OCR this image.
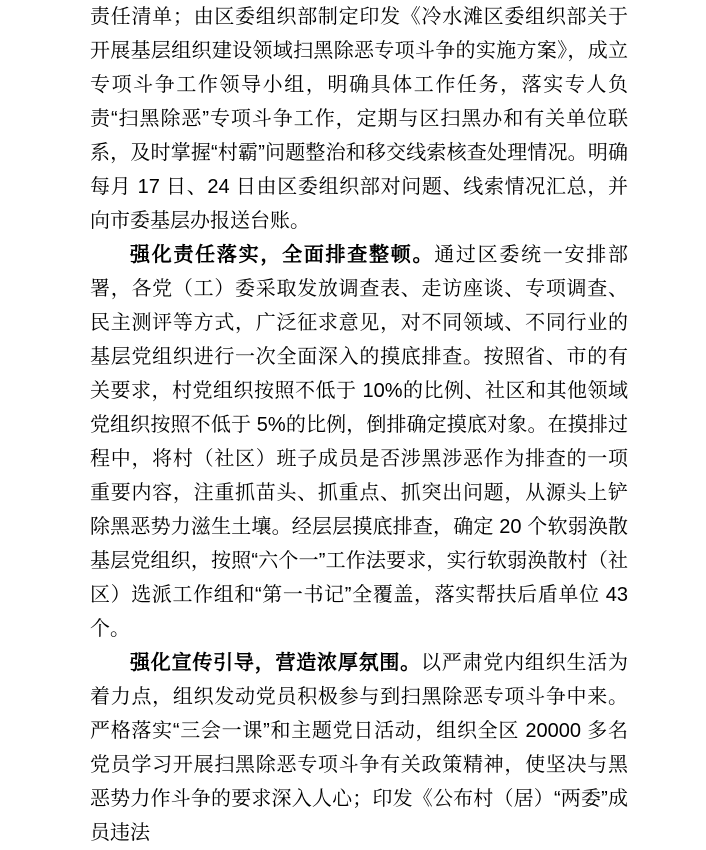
责任清单；由区委组织部制定印发《冷水滩区委组织部关于开展基层组织建设领域扫黑除恶专项斗争的实施方案》，成立专项斗争工作领导小组，明确具体工作任务，落实专人负责“扫黑除恶”专项斗争工作，定期与区扫黑办和有关单位联系，及时掌握“村霸”问题整治和移交线索核查处理情况。明确每月 17 日、24 日由区委组织部对问题、线索情况汇总，并向市委基层办报送台账。

强化责任落实，全面排查整顿。通过区委统一安排部署，各党（工）委采取发放调查表、走访座谈、专项调查、民主测评等方式，广泛征求意见，对不同领域、不同行业的基层党组织进行一次全面深入的摸底排查。按照省、市的有关要求，村党组织按照不低于 10%的比例、社区和其他领域党组织按照不低于 5%的比例，倒排确定摸底对象。在摸排过程中，将村（社区）班子成员是否涉黑涉恶作为排查的一项重要内容，注重抓苗头、抓重点、抓突出问题，从源头上铲除黑恶势力滋生土壤。经层层摸底排查，确定 20 个软弱涣散基层党组织，按照“六个一”工作法要求，实行软弱涣散村（社区）选派工作组和“第一书记”全覆盖，落实帮扶后盾单位 43 个。

强化宣传引导，营造浓厚氛围。以严肃党内组织生活为着力点，组织发动党员积极参与到扫黑除恶专项斗争中来。严格落实“三会一课”和主题党日活动，组织全区 20000 多名党员学习开展扫黑除恶专项斗争有关政策精神，使坚决与黑恶势力作斗争的要求深入人心；印发《公布村（居）“两委”成员违法
